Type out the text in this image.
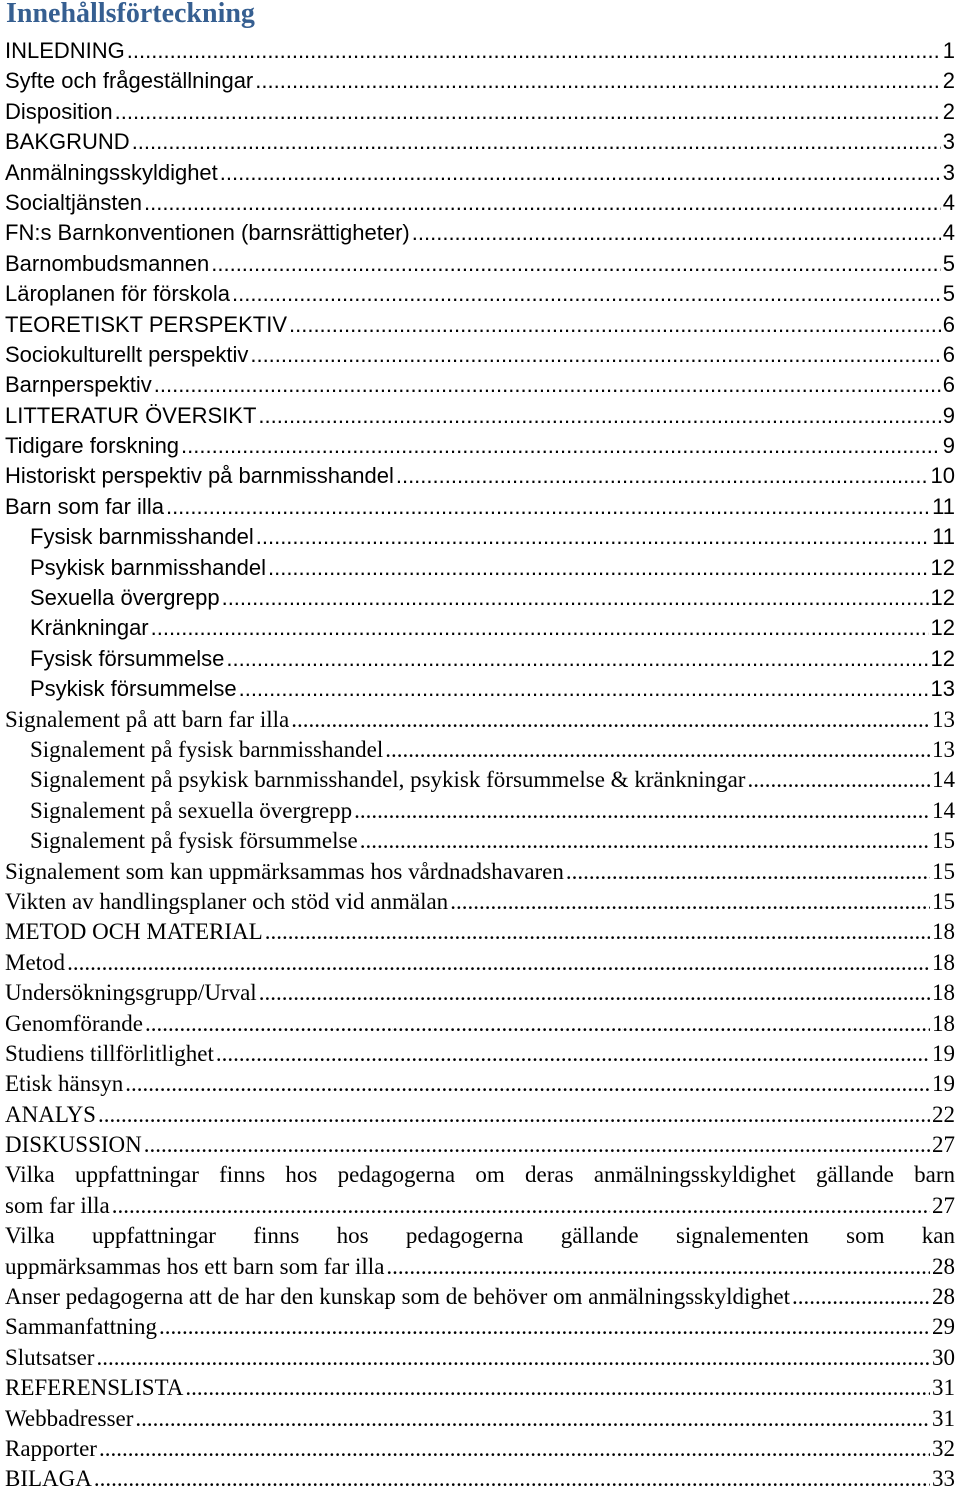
Innehållsförteckning
INLEDNING .....	1
Syfte och frågeställningar .....	2
Disposition .....	2
BAKGRUND .....	3
Anmälningsskyldighet .....	3
Socialtjänsten .....	4
FN:s Barnkonventionen (barnsrättigheter) .....	4
Barnombudsmannen .....	5
Läroplanen för förskola .....	5
TEORETISKT PERSPEKTIV .....	6
Sociokulturellt perspektiv .....	6
Barnperspektiv .....	6
LITTERATUR ÖVERSIKT .....	9
Tidigare forskning .....	9
Historiskt perspektiv på barnmisshandel .....	10
Barn som far illa .....	11
Fysisk barnmisshandel .....	11
Psykisk barnmisshandel .....	12
Sexuella övergrepp .....	12
Kränkningar .....	12
Fysisk försummelse .....	12
Psykisk försummelse .....	13
Signalement på att barn far illa .....	13
Signalement på fysisk barnmisshandel .....	13
Signalement på psykisk barnmisshandel, psykisk försummelse & kränkningar .....	14
Signalement på sexuella övergrepp .....	14
Signalement på fysisk försummelse .....	15
Signalement som kan uppmärksammas hos vårdnadshavaren .....	15
Vikten av handlingsplaner och stöd vid anmälan .....	15
METOD OCH MATERIAL .....	18
Metod .....	18
Undersökningsgrupp/Urval .....	18
Genomförande .....	18
Studiens tillförlitlighet .....	19
Etisk hänsyn .....	19
ANALYS .....	22
DISKUSSION .....	27
Vilka uppfattningar finns hos pedagogerna om deras anmälningsskyldighet gällande barn
som far illa .....	27
Vilka uppfattningar finns hos pedagogerna gällande signalementen som kan
uppmärksammas hos ett barn som far illa .....	28
Anser pedagogerna att de har den kunskap som de behöver om anmälningsskyldighet .....	28
Sammanfattning .....	29
Slutsatser .....	30
REFERENSLISTA .....	31
Webbadresser .....	31
Rapporter .....	32
BILAGA .....	33
